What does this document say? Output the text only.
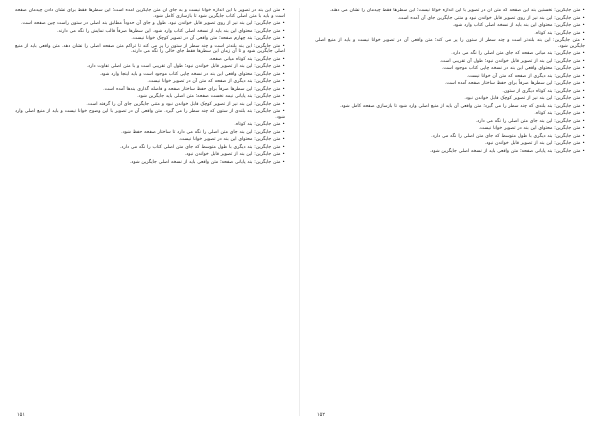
• متن این بند در تصویر با این اندازه خوانا نیست و به جای آن متن جایگزین آمده است؛ این سطرها فقط برای نشان دادن چیدمان صفحه است و باید با متن اصلی کتاب جایگزین شود تا بازسازی کامل شود.

• متن جایگزین: این بند نیز از روی تصویر قابل خواندن نبود. طول و جای آن حدوداً مطابق بند اصلی در ستون راست چین صفحه است.

• متن جایگزین: محتوای این بند باید از نسخه اصلی کتاب وارد شود. این سطرها صرفاً قالب نمایش را نگه می دارند.

• متن جایگزین: بند چهارم صفحه؛ متن واقعی آن در تصویر کوچک خوانا نیست.

• متن جایگزین: این بند بلندتر است و چند سطر از ستون را پر می کند تا تراکم متن صفحه اصلی را نشان دهد. متن واقعی باید از منبع اصلی جایگزین شود و تا آن زمان این سطرها فقط جای خالی را نگه می دارند.

• متن جایگزین: بند کوتاه میانی صفحه.

• متن جایگزین: این بند از تصویر قابل خواندن نبود؛ طول آن تقریبی است و با متن اصلی تفاوت دارد.

• متن جایگزین: محتوای واقعی این بند در نسخه چاپی کتاب موجود است و باید اینجا وارد شود.

• متن جایگزین: بند دیگری از صفحه که متن آن در تصویر خوانا نیست.

• متن جایگزین: این سطرها صرفاً برای حفظ ساختار صفحه و فاصله گذاری بندها آمده است.

• متن جایگزین: بند پایانی نیمه نخست صفحه؛ متن اصلی باید جایگزین شود.

• متن جایگزین: این بند نیز از تصویر کوچک قابل خواندن نبود و متنی جایگزین جای آن را گرفته است.

• متن جایگزین: بند بلندی از ستون که چند سطر را می گیرد. متن واقعی آن در تصویر با این وضوح خوانا نیست و باید از منبع اصلی وارد شود.

• متن جایگزین: بند کوتاه.

• متن جایگزین: این بند جای متن اصلی را نگه می دارد تا ساختار صفحه حفظ شود.

• متن جایگزین: محتوای این بند در تصویر خوانا نیست.

• متن جایگزین: بند دیگری با طول متوسط که جای متن اصلی کتاب را نگه می دارد.

• متن جایگزین: این بند از تصویر قابل خواندن نبود.

• متن جایگزین: بند پایانی صفحه؛ متن واقعی باید از نسخه اصلی جایگزین شود.

۱۵۱

• متن جایگزین: نخستین بند این صفحه که متن آن در تصویر با این اندازه خوانا نیست؛ این سطرها فقط چیدمان را نشان می دهند.

• متن جایگزین: این بند نیز از روی تصویر قابل خواندن نبود و متنی جایگزین جای آن آمده است.

• متن جایگزین: محتوای این بند باید از نسخه اصلی کتاب وارد شود.

• متن جایگزین: بند کوتاه.

• متن جایگزین: این بند بلندتر است و چند سطر از ستون را پر می کند؛ متن واقعی آن در تصویر خوانا نیست و باید از منبع اصلی جایگزین شود.

• متن جایگزین: بند میانی صفحه که جای متن اصلی را نگه می دارد.

• متن جایگزین: این بند از تصویر قابل خواندن نبود؛ طول آن تقریبی است.

• متن جایگزین: محتوای واقعی این بند در نسخه چاپی کتاب موجود است.

• متن جایگزین: بند دیگری از صفحه که متن آن خوانا نیست.

• متن جایگزین: این سطرها صرفاً برای حفظ ساختار صفحه آمده است.

• متن جایگزین: بند کوتاه دیگری از ستون.

• متن جایگزین: این بند نیز از تصویر کوچک قابل خواندن نبود.

• متن جایگزین: بند بلندی که چند سطر را می گیرد؛ متن واقعی آن باید از منبع اصلی وارد شود تا بازسازی صفحه کامل شود.

• متن جایگزین: بند کوتاه.

• متن جایگزین: این بند جای متن اصلی را نگه می دارد.

• متن جایگزین: محتوای این بند در تصویر خوانا نیست.

• متن جایگزین: بند دیگری با طول متوسط که جای متن اصلی را نگه می دارد.

• متن جایگزین: این بند از تصویر قابل خواندن نبود.

• متن جایگزین: بند پایانی صفحه؛ متن واقعی باید از نسخه اصلی جایگزین شود.

۱۵۲
